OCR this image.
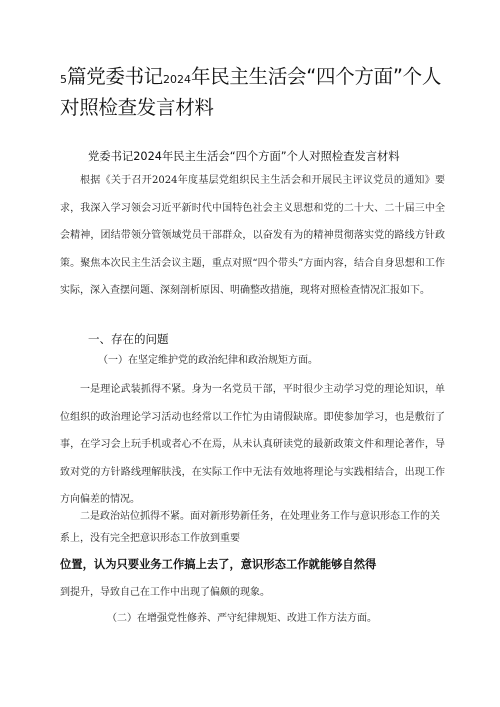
5篇党委书记2024年民主生活会“四个方面”个人
对照检查发言材料
党委书记2024年民主生活会“四个方面”个人对照检查发言材料
根据《关于召开2024年度基层党组织民主生活会和开展民主评议党员的通知》要求，我深入学习领会习近平新时代中国特色社会主义思想和党的二十大、二十届三中全会精神，团结带领分管领域党员干部群众，以奋发有为的精神贯彻落实党的路线方针政策。聚焦本次民主生活会议主题，重点对照“四个带头”方面内容，结合自身思想和工作实际，深入查摆问题、深刻剖析原因、明确整改措施，现将对照检查情况汇报如下。
一、存在的问题
（一）在坚定维护党的政治纪律和政治规矩方面。
一是理论武装抓得不紧。身为一名党员干部，平时很少主动学习党的理论知识，单位组织的政治理论学习活动也经常以工作忙为由请假缺席。即使参加学习，也是敷衍了事，在学习会上玩手机或者心不在焉，从未认真研读党的最新政策文件和理论著作，导致对党的方针路线理解肤浅，在实际工作中无法有效地将理论与实践相结合，出现工作方向偏差的情况。
二是政治站位抓得不紧。面对新形势新任务，在处理业务工作与意识形态工作的关系上，没有完全把意识形态工作放到重要
位置，认为只要业务工作搞上去了，意识形态工作就能够自然得
到提升，导致自己在工作中出现了偏颇的现象。
（二）在增强党性修养、严守纪律规矩、改进工作方法方面。
